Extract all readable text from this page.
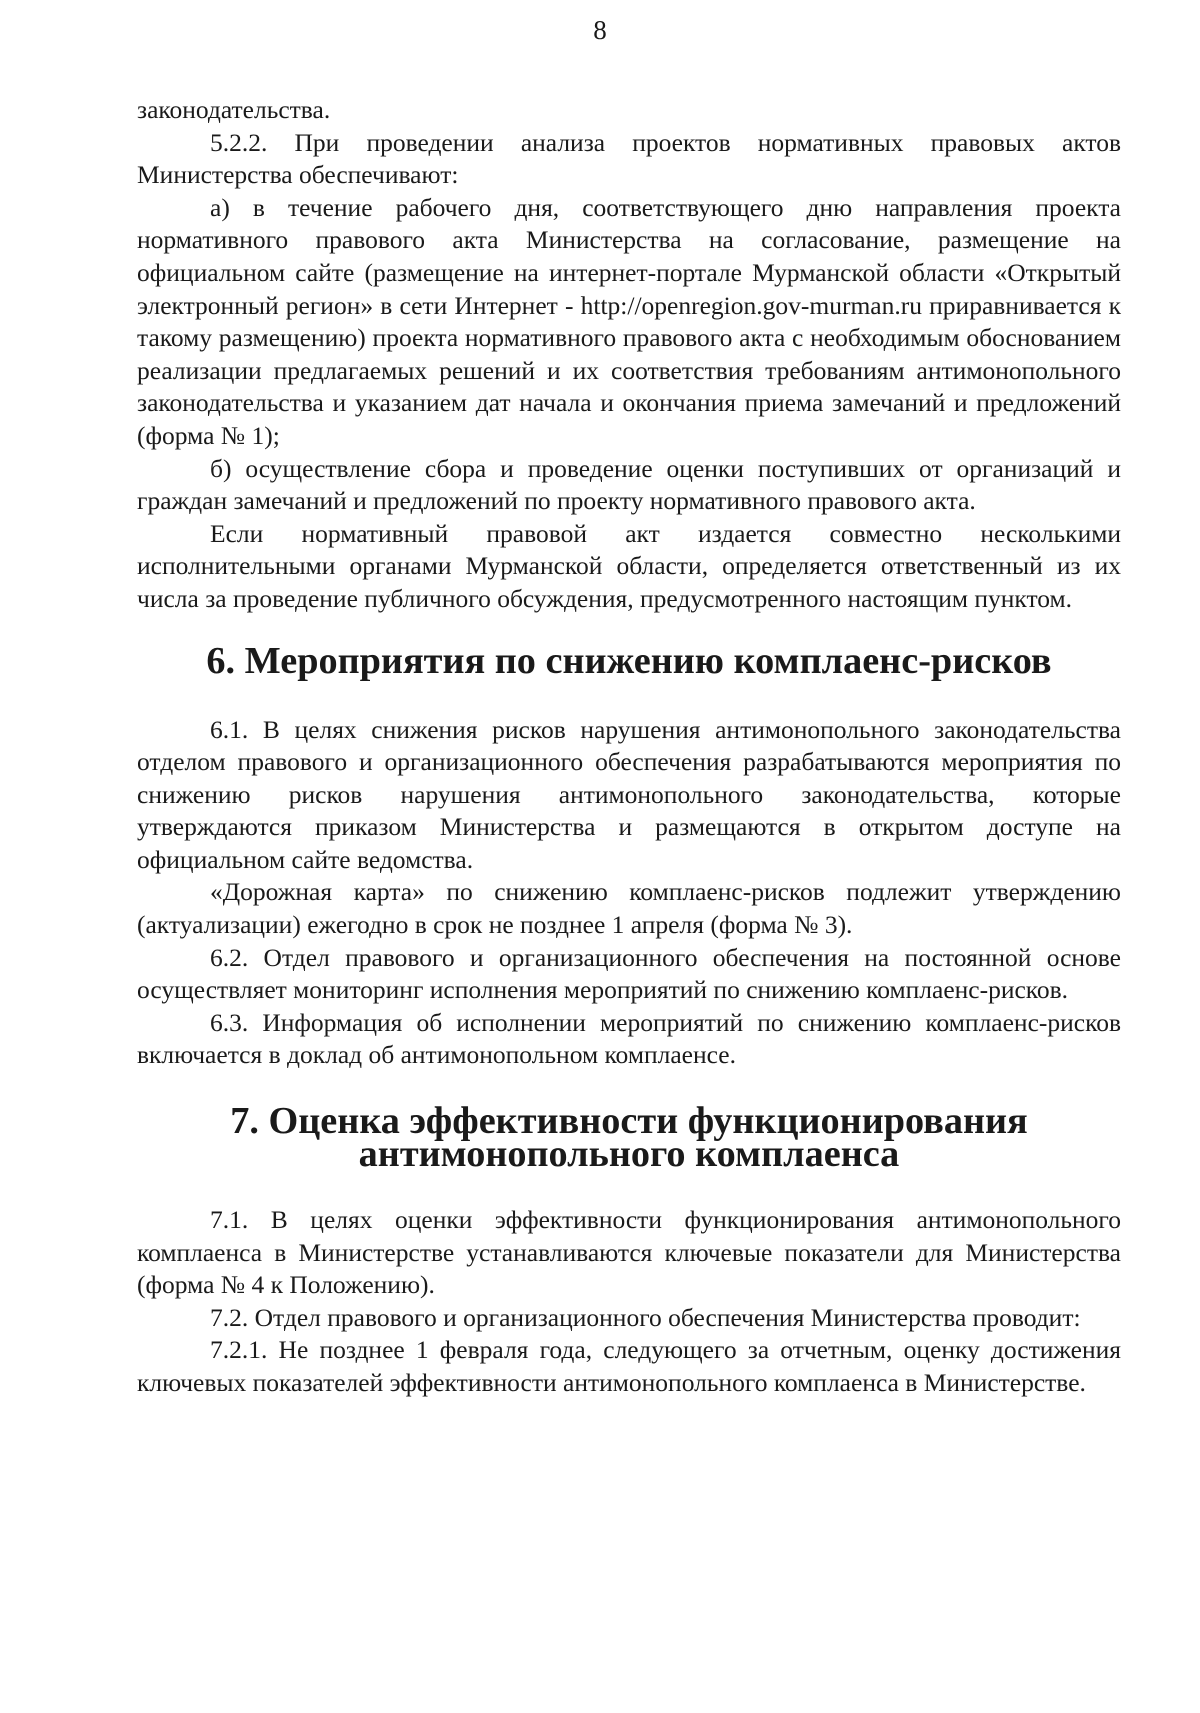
8

законодательства.

5.2.2. При проведении анализа проектов нормативных правовых актов Министерства обеспечивают:

а) в течение рабочего дня, соответствующего дню направления проекта нормативного правового акта Министерства на согласование, размещение на официальном сайте (размещение на интернет-портале Мурманской области «Открытый электронный регион» в сети Интернет - http://openregion.gov-murman.ru приравнивается к такому размещению) проекта нормативного правового акта с необходимым обоснованием реализации предлагаемых решений и их соответствия требованиям антимонопольного законодательства и указанием дат начала и окончания приема замечаний и предложений (форма № 1);

б) осуществление сбора и проведение оценки поступивших от организаций и граждан замечаний и предложений по проекту нормативного правового акта.

Если нормативный правовой акт издается совместно несколькими исполнительными органами Мурманской области, определяется ответственный из их числа за проведение публичного обсуждения, предусмотренного настоящим пунктом.

6. Мероприятия по снижению комплаенс-рисков

6.1. В целях снижения рисков нарушения антимонопольного законодательства отделом правового и организационного обеспечения разрабатываются мероприятия по снижению рисков нарушения антимонопольного законодательства, которые утверждаются приказом Министерства и размещаются в открытом доступе на официальном сайте ведомства.

«Дорожная карта» по снижению комплаенс-рисков подлежит утверждению (актуализации) ежегодно в срок не позднее 1 апреля (форма № 3).

6.2. Отдел правового и организационного обеспечения на постоянной основе осуществляет мониторинг исполнения мероприятий по снижению комплаенс-рисков.

6.3. Информация об исполнении мероприятий по снижению комплаенс-рисков включается в доклад об антимонопольном комплаенсе.

7. Оценка эффективности функционирования
антимонопольного комплаенса

7.1. В целях оценки эффективности функционирования антимонопольного комплаенса в Министерстве устанавливаются ключевые показатели для Министерства (форма № 4 к Положению).

7.2. Отдел правового и организационного обеспечения Министерства проводит:

7.2.1. Не позднее 1 февраля года, следующего за отчетным, оценку достижения ключевых показателей эффективности антимонопольного комплаенса в Министерстве.
